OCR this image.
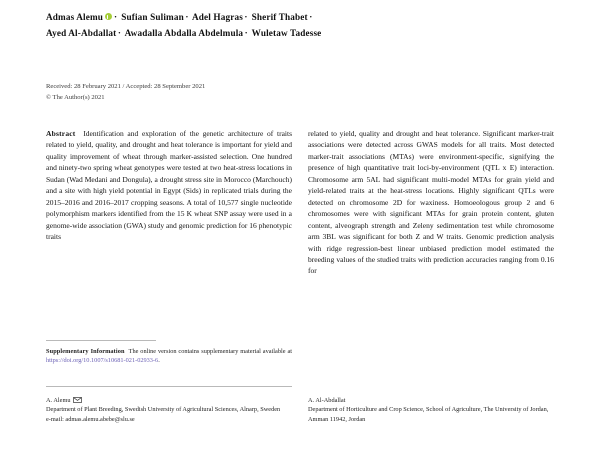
Admas Alemu · Sufian Suliman · Adel Hagras · Sherif Thabet ·
Ayed Al-Abdallat · Awadalla Abdalla Abdelmula · Wuletaw Tadesse
Received: 28 February 2021 / Accepted: 28 September 2021
© The Author(s) 2021
Abstract Identification and exploration of the genetic architecture of traits related to yield, quality, and drought and heat tolerance is important for yield and quality improvement of wheat through marker-assisted selection. One hundred and ninety-two spring wheat genotypes were tested at two heat-stress locations in Sudan (Wad Medani and Dongula), a drought stress site in Morocco (Marchouch) and a site with high yield potential in Egypt (Sids) in replicated trials during the 2015–2016 and 2016–2017 cropping seasons. A total of 10,577 single nucleotide polymorphism markers identified from the 15 K wheat SNP assay were used in a genome-wide association (GWA) study and genomic prediction for 16 phenotypic traits
related to yield, quality and drought and heat tolerance. Significant marker-trait associations were detected across GWAS models for all traits. Most detected marker-trait associations (MTAs) were environment-specific, signifying the presence of high quantitative trait loci-by-environment (QTL x E) interaction. Chromosome arm 5AL had significant multi-model MTAs for grain yield and yield-related traits at the heat-stress locations. Highly significant QTLs were detected on chromosome 2D for waxiness. Homoeologous group 2 and 6 chromosomes were with significant MTAs for grain protein content, gluten content, alveograph strength and Zeleny sedimentation test while chromosome arm 3BL was significant for both Z and W traits. Genomic prediction analysis with ridge regression-best linear unbiased prediction model estimated the breeding values of the studied traits with prediction accuracies ranging from 0.16 for
Supplementary Information The online version contains supplementary material available at https://doi.org/10.1007/s10681-021-02933-6.
A. Alemu
Department of Plant Breeding, Swedish University of Agricultural Sciences, Alnarp, Sweden
e-mail: admas.alemu.abebe@slu.se
A. Al-Abdallat
Department of Horticulture and Crop Science, School of Agriculture, The University of Jordan, Amman 11942, Jordan
